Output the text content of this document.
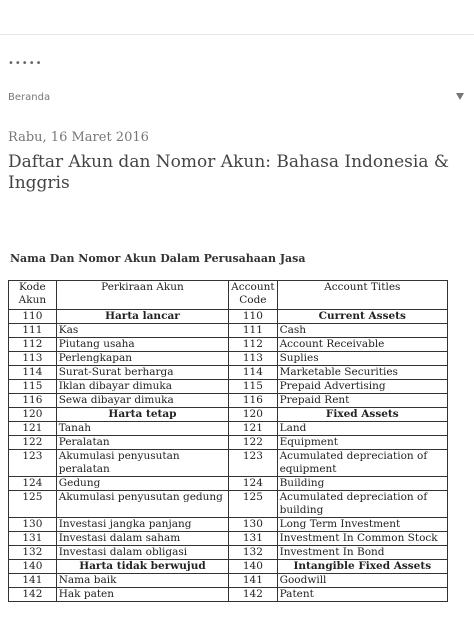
•••••
Beranda
Rabu, 16 Maret 2016
Daftar Akun dan Nomor Akun: Bahasa Indonesia & Inggris
Nama Dan Nomor Akun Dalam Perusahaan Jasa
Kode Akun	Perkiraan Akun	Account Code	Account Titles
110	Harta lancar	110	Current Assets
111	Kas	111	Cash
112	Piutang usaha	112	Account Receivable
113	Perlengkapan	113	Suplies
114	Surat-Surat berharga	114	Marketable Securities
115	Iklan dibayar dimuka	115	Prepaid Advertising
116	Sewa dibayar dimuka	116	Prepaid Rent
120	Harta tetap	120	Fixed Assets
121	Tanah	121	Land
122	Peralatan	122	Equipment
123	Akumulasi penyusutan peralatan	123	Acumulated depreciation of equipment
124	Gedung	124	Building
125	Akumulasi penyusutan gedung	125	Acumulated depreciation of building
130	Investasi jangka panjang	130	Long Term Investment
131	Investasi dalam saham	131	Investment In Common Stock
132	Investasi dalam obligasi	132	Investment In Bond
140	Harta tidak berwujud	140	Intangible Fixed Assets
141	Nama baik	141	Goodwill
142	Hak paten	142	Patent
